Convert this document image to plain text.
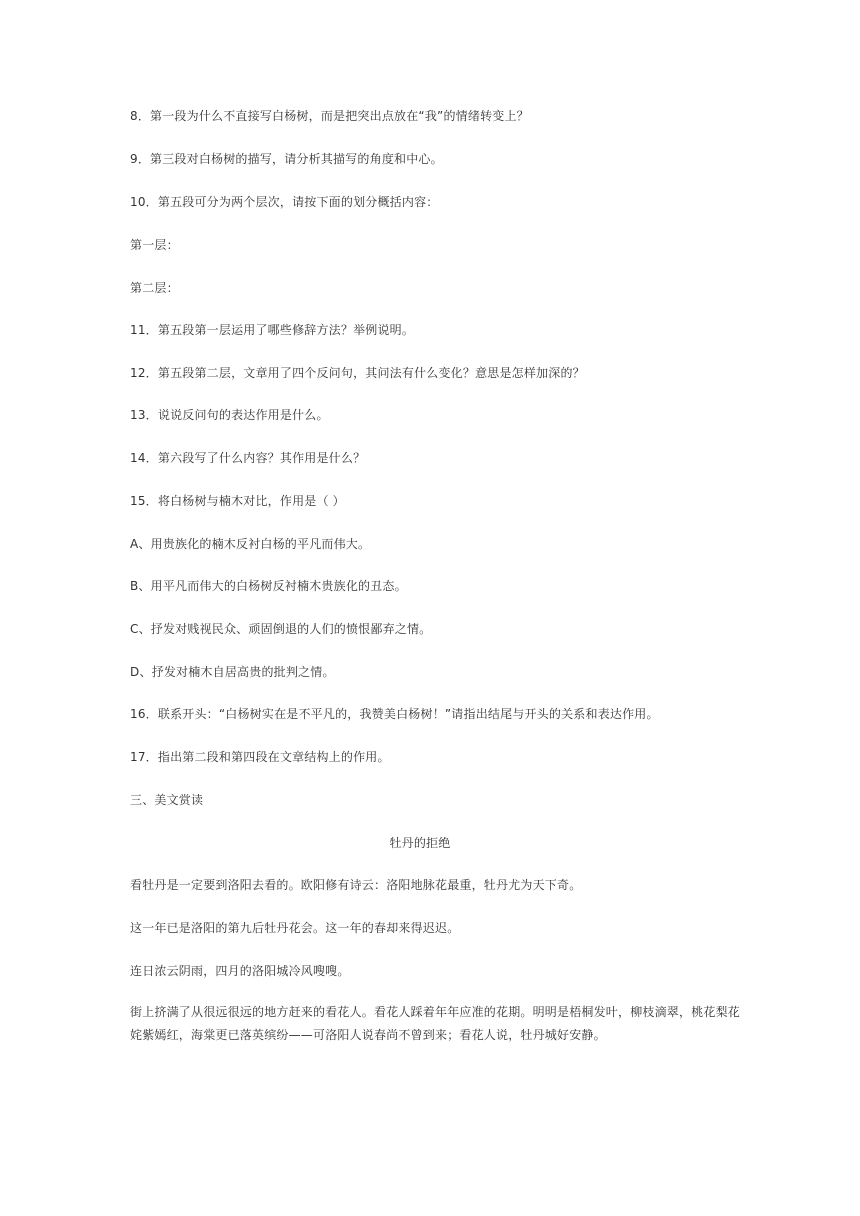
8．第一段为什么不直接写白杨树，而是把突出点放在“我”的情绪转变上？
9．第三段对白杨树的描写，请分析其描写的角度和中心。
10．第五段可分为两个层次，请按下面的划分概括内容：
第一层：
第二层：
11．第五段第一层运用了哪些修辞方法？举例说明。
12．第五段第二层，文章用了四个反问句，其问法有什么变化？意思是怎样加深的？
13．说说反问句的表达作用是什么。
14．第六段写了什么内容？其作用是什么？
15．将白杨树与楠木对比，作用是（ ）
A、用贵族化的楠木反衬白杨的平凡而伟大。
B、用平凡而伟大的白杨树反衬楠木贵族化的丑态。
C、抒发对贱视民众、顽固倒退的人们的愤恨鄙弃之情。
D、抒发对楠木自居高贵的批判之情。
16．联系开头：“白杨树实在是不平凡的，我赞美白杨树！”请指出结尾与开头的关系和表达作用。
17．指出第二段和第四段在文章结构上的作用。
三、美文赏读
牡丹的拒绝
看牡丹是一定要到洛阳去看的。欧阳修有诗云：洛阳地脉花最重，牡丹尤为天下奇。
这一年已是洛阳的第九后牡丹花会。这一年的春却来得迟迟。
连日浓云阴雨，四月的洛阳城冷风嗖嗖。
街上挤满了从很远很远的地方赶来的看花人。看花人踩着年年应准的花期。明明是梧桐发叶，柳枝滴翠，桃花梨花姹紫嫣红，海棠更已落英缤纷——可洛阳人说春尚不曾到来；看花人说，牡丹城好安静。
